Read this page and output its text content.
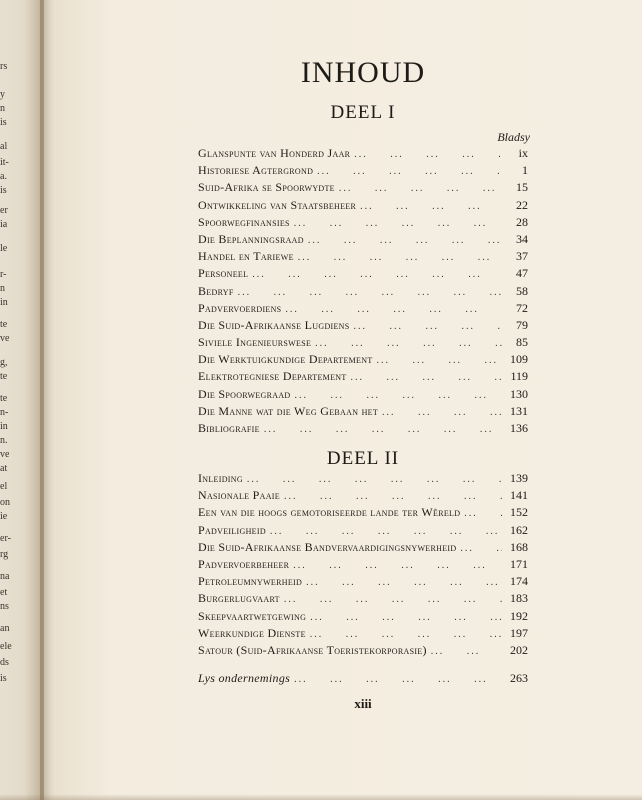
rs
y
n
is
al
it-
a.
is
er
ia
le
r-
n
in
te
ve
g,
te
te
n-
in
n.
ve
at
el
on
ie
er-
rg
na
et
ns
an
ele
ds
is
INHOUD
DEEL I
Bladsy
Glanspunte van Honderd Jaar ...	ix
Historiese Agtergrond ...	1
Suid-Afrika se Spoorwydte ...	15
Ontwikkeling van Staatsbeheer ...	22
Spoorwegfinansies ...	28
Die Beplanningsraad ...	34
Handel en Tariewe ...	37
Personeel ...	47
Bedryf ...	58
Padvervoerdiens ...	72
Die Suid-Afrikaanse Lugdiens ...	79
Siviele Ingenieurswese ...	85
Die Werktuigkundige Departement ...	109
Elektrotegniese Departement ...	119
Die Spoorwegraad ...	130
Die Manne wat die Weg Gebaan het ...	131
Bibliografie ...	136
DEEL II
Inleiding ...	139
Nasionale Paaie ...	141
Een van die hoogs gemotoriseerde lande ter Wêreld ...	152
Padveiligheid ...	162
Die Suid-Afrikaanse Bandvervaardigingsnywerheid ...	168
Padvervoerbeheer ...	171
Petroleumnywerheid ...	174
Burgerlugvaart ...	183
Skeepvaartwetgewing ...	192
Weerkundige Dienste ...	197
Satour (Suid-Afrikaanse Toeristekorporasie) ...	202
Lys ondernemings ...	263
xiii
